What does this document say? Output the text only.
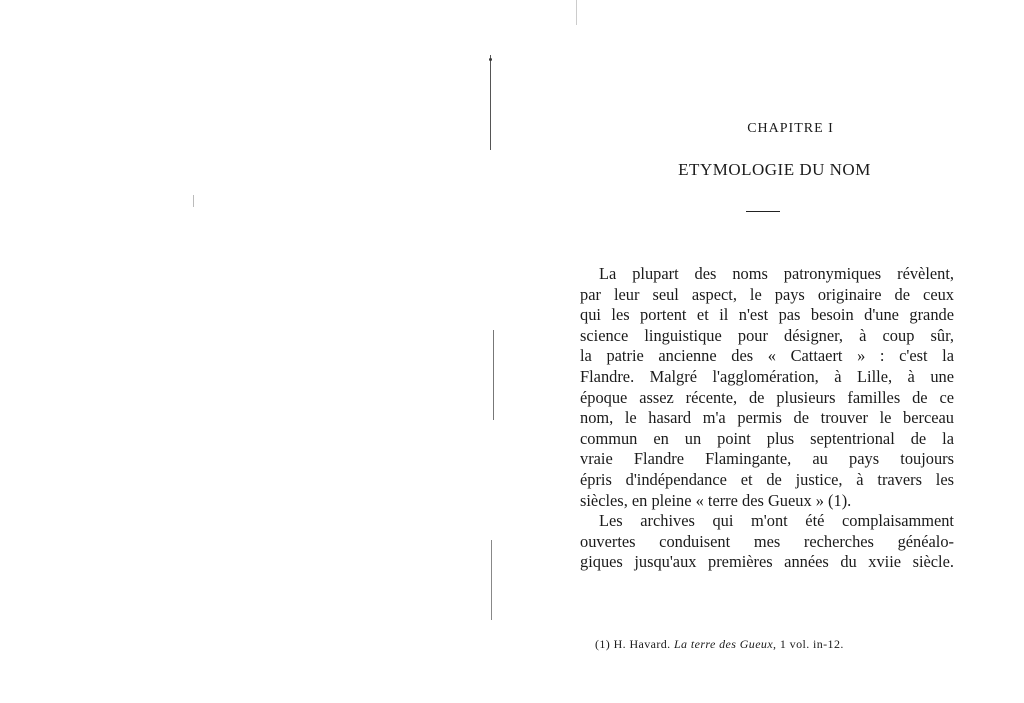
CHAPITRE I
ETYMOLOGIE DU NOM
La plupart des noms patronymiques révèlent,
par leur seul aspect, le pays originaire de ceux
qui les portent et il n'est pas besoin d'une grande
science linguistique pour désigner, à coup sûr,
la patrie ancienne des « Cattaert » : c'est la
Flandre. Malgré l'agglomération, à Lille, à une
époque assez récente, de plusieurs familles de ce
nom, le hasard m'a permis de trouver le berceau
commun en un point plus septentrional de la
vraie Flandre Flamingante, au pays toujours
épris d'indépendance et de justice, à travers les
siècles, en pleine « terre des Gueux » (1).
Les archives qui m'ont été complaisamment
ouvertes conduisent mes recherches généalo-
giques jusqu'aux premières années du xviie siècle.
(1) H. Havard. La terre des Gueux, 1 vol. in-12.
